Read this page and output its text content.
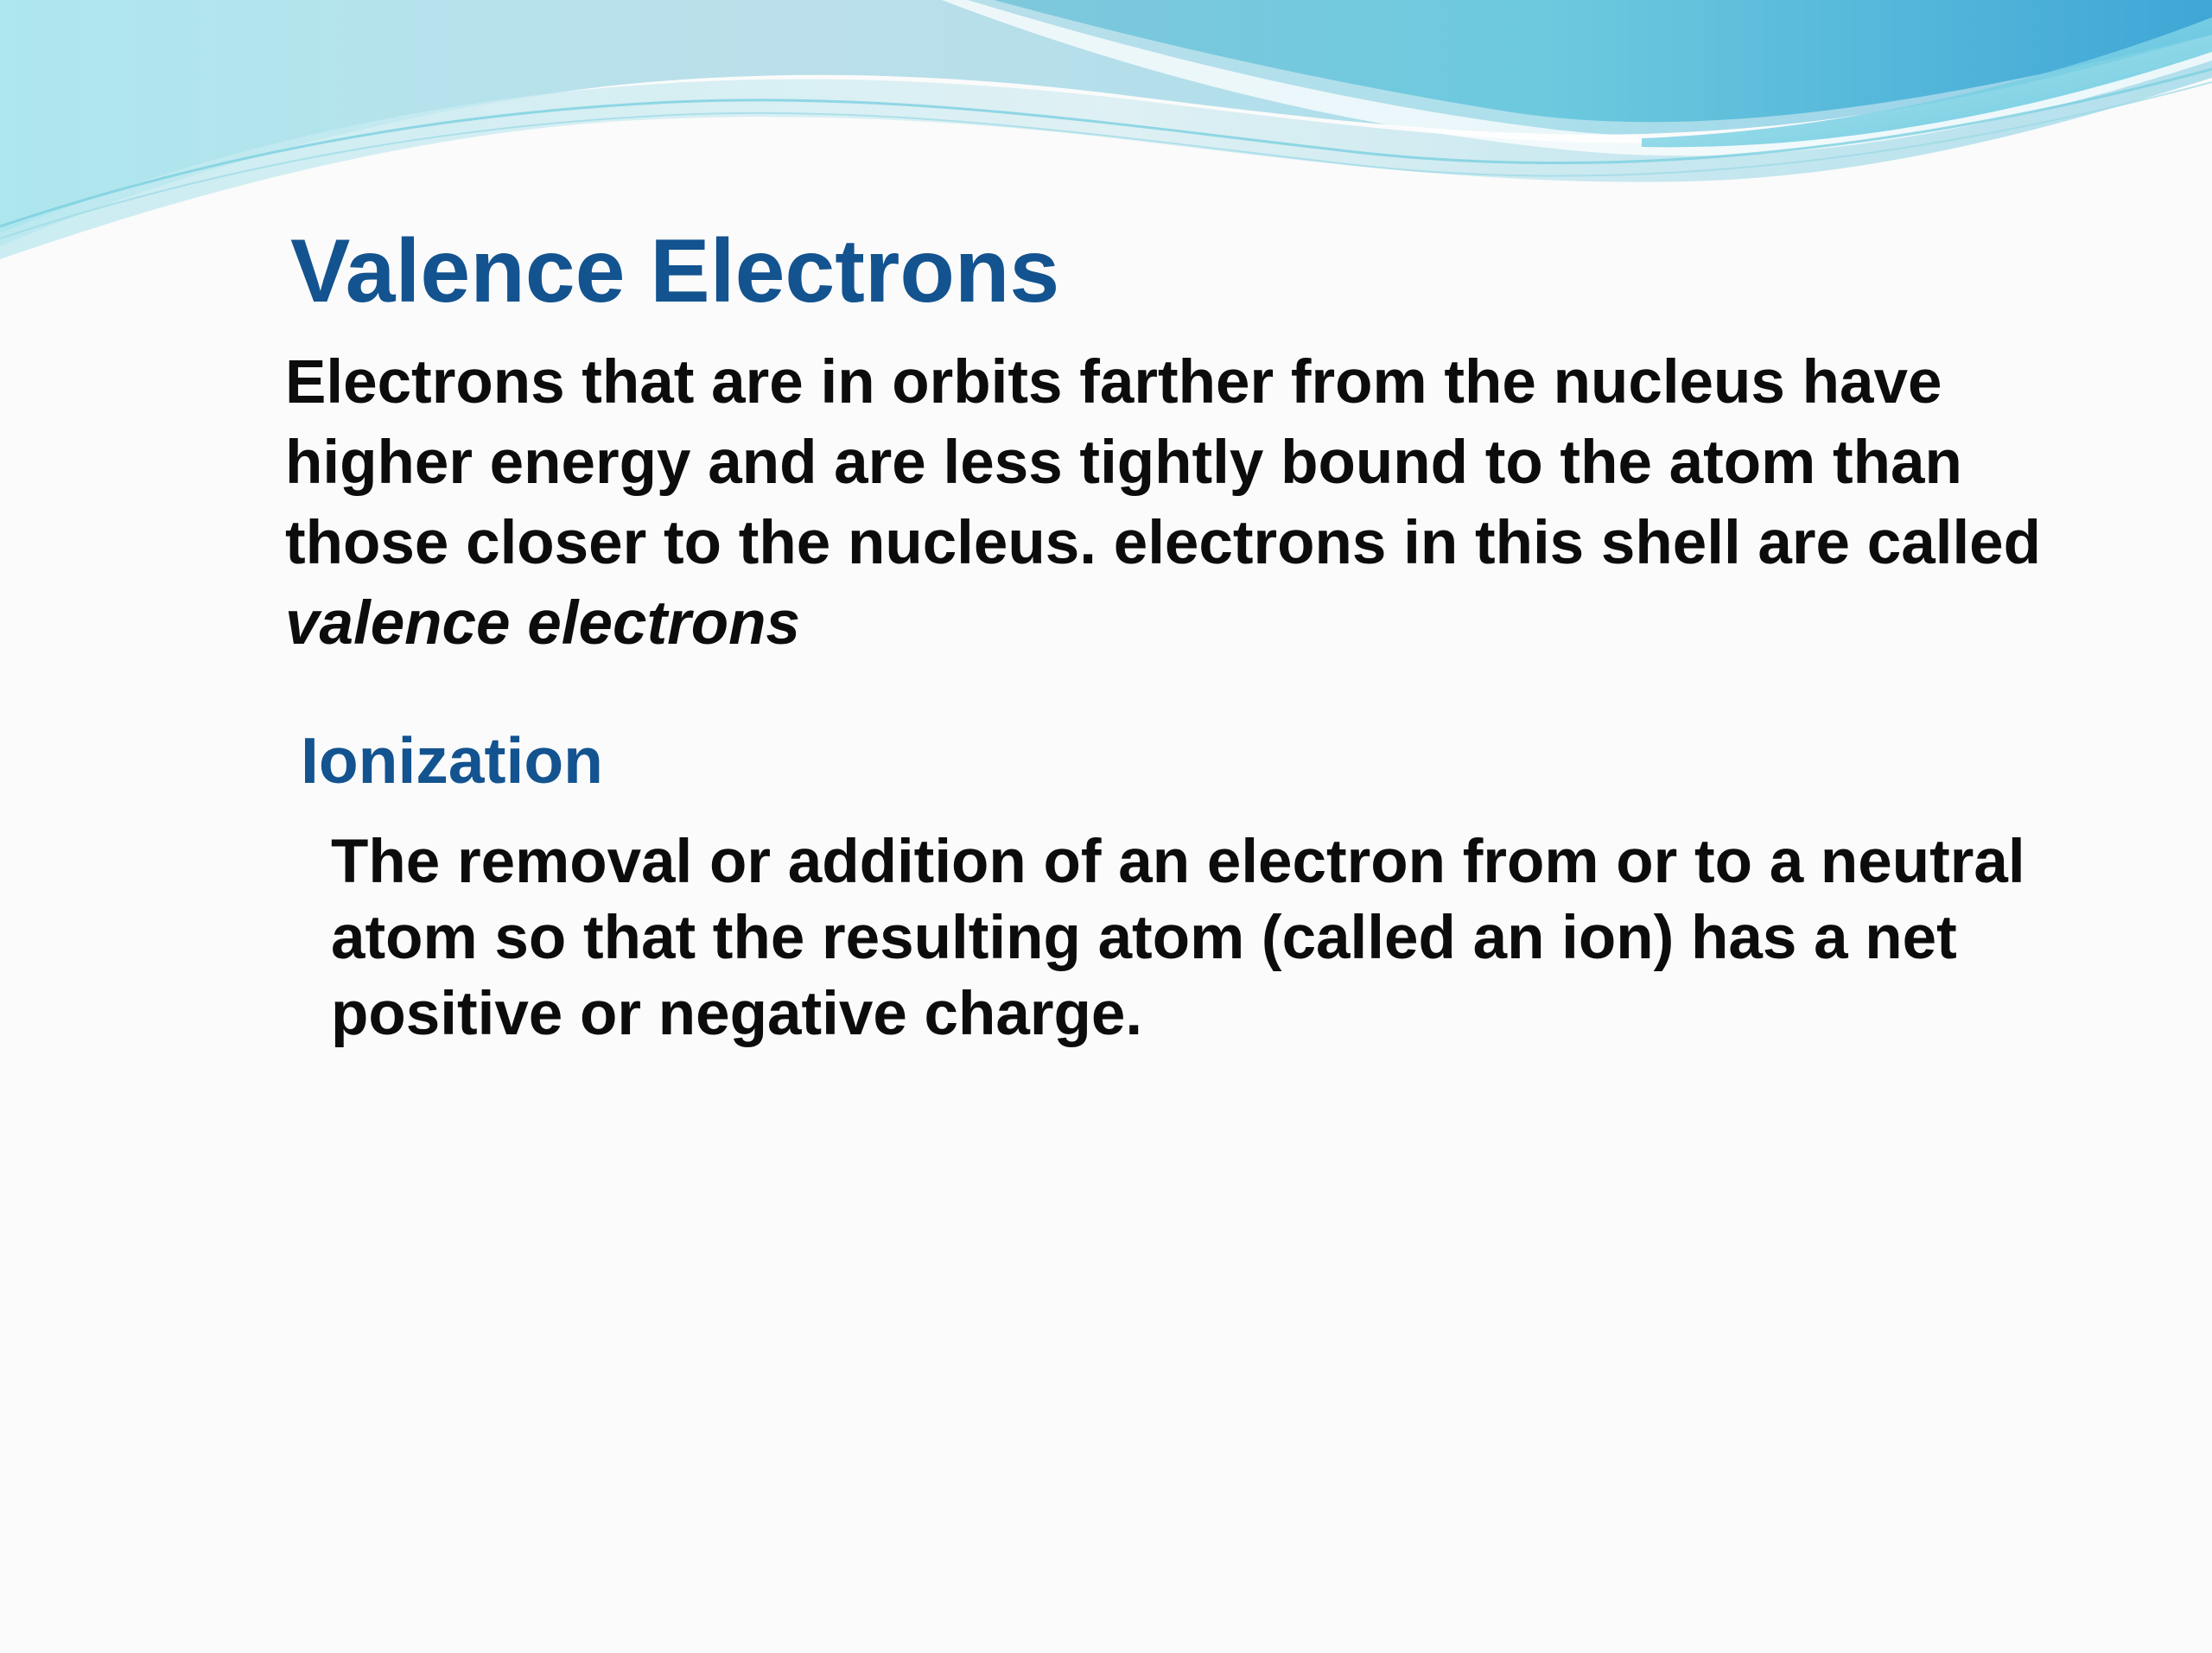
Valence Electrons

Electrons that are in orbits farther from the nucleus have higher energy and are less tightly bound to the atom than those closer to the nucleus. electrons in this shell are called valence electrons

Ionization

The removal or addition of an electron from or to a neutral atom so that the resulting atom (called an ion) has a net positive or negative charge.
